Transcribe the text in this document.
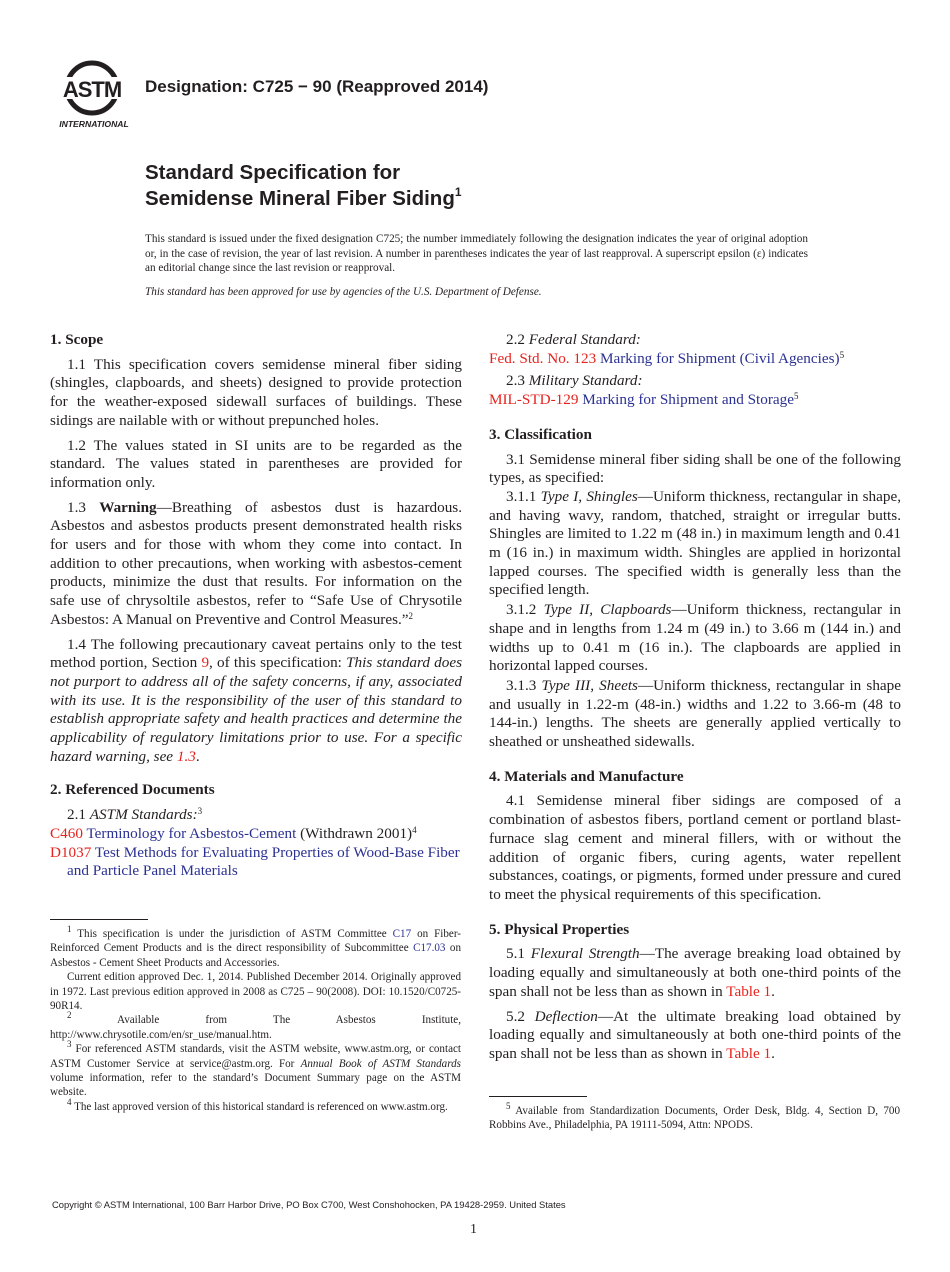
ASTM
INTERNATIONAL
Designation: C725 − 90 (Reapproved 2014)
Standard Specification for
Semidense Mineral Fiber Siding$^1$
This standard is issued under the fixed designation C725; the number immediately following the designation indicates the year of original adoption or, in the case of revision, the year of last revision. A number in parentheses indicates the year of last reapproval. A superscript epsilon (ε) indicates an editorial change since the last revision or reapproval.
This standard has been approved for use by agencies of the U.S. Department of Defense.

1. Scope

1.1 This specification covers semidense mineral fiber siding (shingles, clapboards, and sheets) designed to provide protection for the weather-exposed sidewall surfaces of buildings. These sidings are nailable with or without prepunched holes.

1.2 The values stated in SI units are to be regarded as the standard. The values stated in parentheses are provided for information only.

1.3 Warning—Breathing of asbestos dust is hazardous. Asbestos and asbestos products present demonstrated health risks for users and for those with whom they come into contact. In addition to other precautions, when working with asbestos-cement products, minimize the dust that results. For information on the safe use of chrysoltile asbestos, refer to “Safe Use of Chrysotile Asbestos: A Manual on Preventive and Control Measures.”$^2$

1.4 The following precautionary caveat pertains only to the test method portion, Section 9, of this specification: This standard does not purport to address all of the safety concerns, if any, associated with its use. It is the responsibility of the user of this standard to establish appropriate safety and health practices and determine the applicability of regulatory limitations prior to use. For a specific hazard warning, see 1.3.

2. Referenced Documents

2.1 ASTM Standards:$^3$

C460 Terminology for Asbestos-Cement (Withdrawn 2001)$^4$

D1037 Test Methods for Evaluating Properties of Wood-Base Fiber and Particle Panel Materials

$^1$ This specification is under the jurisdiction of ASTM Committee C17 on Fiber-Reinforced Cement Products and is the direct responsibility of Subcommittee C17.03 on Asbestos - Cement Sheet Products and Accessories.

Current edition approved Dec. 1, 2014. Published December 2014. Originally approved in 1972. Last previous edition approved in 2008 as C725 – 90(2008). DOI: 10.1520/C0725-90R14.

$^2$	Available from The Asbestos Institute, http://www.chrysotile.com/en/sr_use/manual.htm.

$^3$ For referenced ASTM standards, visit the ASTM website, www.astm.org, or contact ASTM Customer Service at service@astm.org. For Annual Book of ASTM Standards volume information, refer to the standard’s Document Summary page on the ASTM website.

$^4$ The last approved version of this historical standard is referenced on www.astm.org.

2.2 Federal Standard:

Fed. Std. No. 123 Marking for Shipment (Civil Agencies)$^5$

2.3 Military Standard:

MIL-STD-129 Marking for Shipment and Storage$^5$

3. Classification

3.1 Semidense mineral fiber siding shall be one of the following types, as specified:

3.1.1 Type I, Shingles—Uniform thickness, rectangular in shape, and having wavy, random, thatched, straight or irregular butts. Shingles are limited to 1.22 m (48 in.) in maximum length and 0.41 m (16 in.) in maximum width. Shingles are applied in horizontal lapped courses. The specified width is generally less than the specified length.

3.1.2 Type II, Clapboards—Uniform thickness, rectangular in shape and in lengths from 1.24 m (49 in.) to 3.66 m (144 in.) and widths up to 0.41 m (16 in.). The clapboards are applied in horizontal lapped courses.

3.1.3 Type III, Sheets—Uniform thickness, rectangular in shape and usually in 1.22-m (48-in.) widths and 1.22 to 3.66-m (48 to 144-in.) lengths. The sheets are generally applied vertically to sheathed or unsheathed sidewalls.

4. Materials and Manufacture

4.1 Semidense mineral fiber sidings are composed of a combination of asbestos fibers, portland cement or portland blast-furnace slag cement and mineral fillers, with or without the addition of organic fibers, curing agents, water repellent substances, coatings, or pigments, formed under pressure and cured to meet the physical requirements of this specification.

5. Physical Properties

5.1 Flexural Strength—The average breaking load obtained by loading equally and simultaneously at both one-third points of the span shall not be less than as shown in Table 1.

5.2 Deflection—At the ultimate breaking load obtained by loading equally and simultaneously at both one-third points of the span shall not be less than as shown in Table 1.

$^5$ Available from Standardization Documents, Order Desk, Bldg. 4, Section D, 700 Robbins Ave., Philadelphia, PA 19111-5094, Attn: NPODS.

Copyright © ASTM International, 100 Barr Harbor Drive, PO Box C700, West Conshohocken, PA 19428-2959. United States
1
